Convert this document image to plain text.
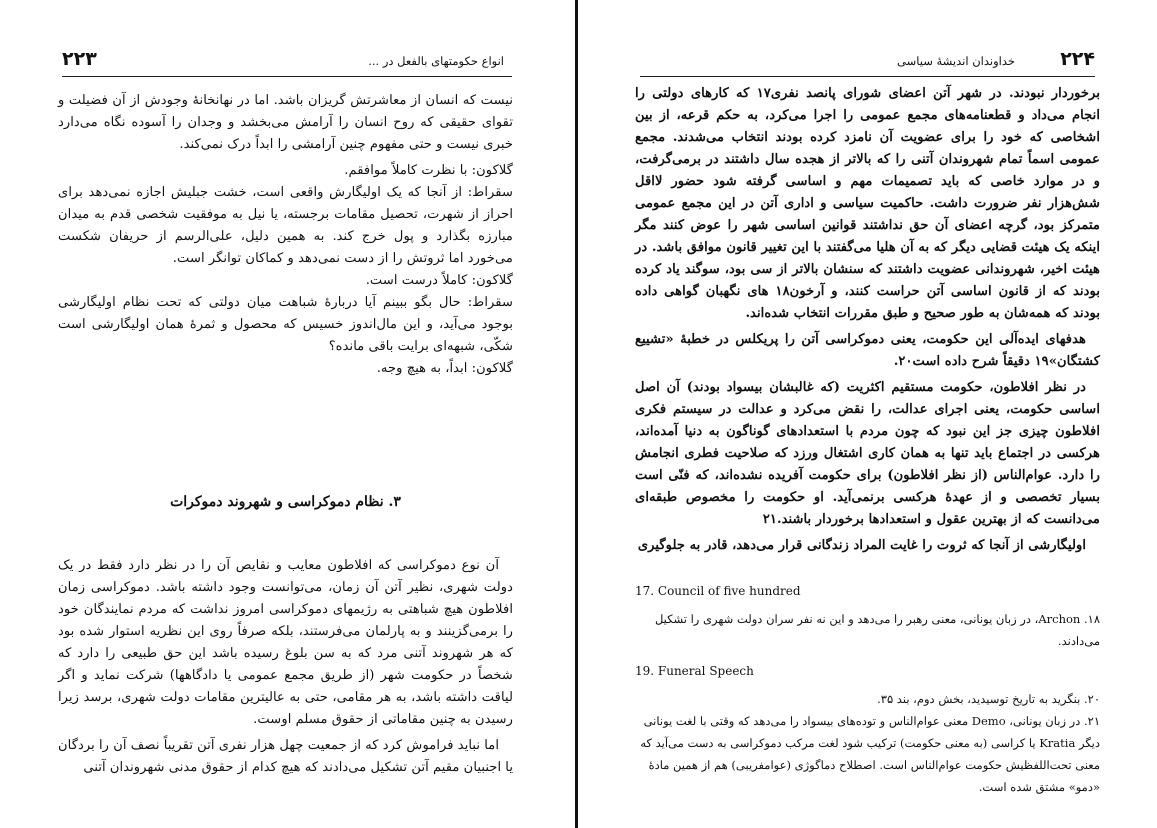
۲۲۳	انواع حکومتهای بالفعل در ...

نیست که انسان از معاشرتش گریزان باشد. اما در نهانخانهٔ وجودش از آن فضیلت و تقوای حقیقی که روح انسان را آرامش می‌بخشد و وجدان را آسوده نگاه می‌دارد خبری نیست و حتی مفهوم چنین آرامشی را ابداً درک نمی‌کند.

گلاکون: با نظرت کاملاً موافقم.

سقراط: از آنجا که یک اولیگارش واقعی است، خشت جبلیش اجازه نمی‌دهد برای احراز از شهرت، تحصیل مقامات برجسته، یا نیل به موفقیت شخصی قدم به میدان مبارزه بگذارد و پول خرج کند. به همین دلیل، علی‌الرسم از حریفان شکست می‌خورد اما ثروتش را از دست نمی‌دهد و کماکان توانگر است.

گلاکون: کاملاً درست است.

سقراط: حال بگو ببینم آیا دربارهٔ شباهت میان دولتی که تحت نظام اولیگارشی بوجود می‌آید، و این مال‌اندوز خسیس که محصول و ثمرهٔ همان اولیگارشی است شکّی، شبهه‌ای برایت باقی مانده؟

گلاکون: ابداً، به هیچ وجه.

۳. نظام دموکراسی و شهروند دموکرات

آن نوع دموکراسی که افلاطون معایب و نقایص آن را در نظر دارد فقط در یک دولت شهری، نظیر آتن آن زمان، می‌توانست وجود داشته باشد. دموکراسی زمان افلاطون هیچ شباهتی به رژیمهای دموکراسی امروز نداشت که مردم نمایندگان خود را برمی‌گزینند و به پارلمان می‌فرستند، بلکه صرفاً روی این نظریه استوار شده بود که هر شهروند آتنی مرد که به سن بلوغ رسیده باشد این حق طبیعی را دارد که شخصاً در حکومت شهر (از طریق مجمع عمومی یا دادگاهها) شرکت نماید و اگر لیاقت داشته باشد، به هر مقامی، حتی به عالیترین مقامات دولت شهری، برسد زیرا رسیدن به چنین مقاماتی از حقوق مسلم اوست.

اما نباید فراموش کرد که از جمعیت چهل هزار نفری آتن تقریباً نصف آن را بردگان یا اجنبیان مقیم آتن تشکیل می‌دادند که هیچ کدام از حقوق مدنی شهروندان آتنی

۲۲۴
خداوندان اندیشهٔ سیاسی

برخوردار نبودند. در شهر آتن اعضای شورای پانصد نفری۱۷ که کارهای دولتی را انجام می‌داد و قطعنامه‌های مجمع عمومی را اجرا می‌کرد، به حکم قرعه، از بین اشخاصی که خود را برای عضویت آن نامزد کرده بودند انتخاب می‌شدند. مجمع عمومی اسماً تمام شهروندان آتنی را که بالاتر از هجده سال داشتند در برمی‌گرفت، و در موارد خاصی که باید تصمیمات مهم و اساسی گرفته شود حضور لااقل شش‌هزار نفر ضرورت داشت. حاکمیت سیاسی و اداری آتن در این مجمع عمومی متمرکز بود، گرچه اعضای آن حق نداشتند قوانین اساسی شهر را عوض کنند مگر اینکه یک هیئت قضایی دیگر که به آن هلیا می‌گفتند با این تغییر قانون موافق باشد. در هیئت اخیر، شهروندانی عضویت داشتند که سنشان بالاتر از سی بود، سوگند یاد کرده بودند که از قانون اساسی آتن حراست کنند، و آرخون۱۸ های نگهبان گواهی داده بودند که همه‌شان به طور صحیح و طبق مقررات انتخاب شده‌اند.

هدفهای ایده‌آلی این حکومت، یعنی دموکراسی آتن را پریکلس در خطبهٔ «تشییع کشتگان»۱۹ دقیقاً شرح داده است۲۰.

در نظر افلاطون، حکومت مستقیم اکثریت (که غالبشان بیسواد بودند) آن اصل اساسی حکومت، یعنی اجرای عدالت، را نقض می‌کرد و عدالت در سیستم فکری افلاطون چیزی جز این نبود که چون مردم با استعدادهای گوناگون به دنیا آمده‌اند، هرکسی در اجتماع باید تنها به همان کاری اشتغال ورزد که صلاحیت فطری انجامش را دارد. عوام‌الناس (از نظر افلاطون) برای حکومت آفریده نشده‌اند، که فنّی است بسیار تخصصی و از عهدهٔ هرکسی برنمی‌آید. او حکومت را مخصوص طبقه‌ای می‌دانست که از بهترین عقول و استعدادها برخوردار باشند.۲۱

اولیگارشی از آنجا که ثروت را غایت المراد زندگانی قرار می‌دهد، قادر به جلوگیری

17. Council of five hundred

۱۸. Archon، در زبان یونانی، معنی رهبر را می‌دهد و این نه نفر سران دولت شهری را تشکیل می‌دادند.

19. Funeral Speech

۲۰. بنگرید به تاریخ توسیدید، بخش دوم، بند ۳۵.

۲۱. در زبان یونانی، Demo معنی عوام‌الناس و توده‌های بیسواد را می‌دهد که وقتی با لغت یونانی دیگر Kratia یا کراسی (به معنی حکومت) ترکیب شود لغت مرکب دموکراسی به دست می‌آید که معنی تحت‌اللفظیش حکومت عوام‌الناس است. اصطلاح دماگوژی (عوامفریبی) هم از همین مادهٔ «دمو» مشتق شده است.
